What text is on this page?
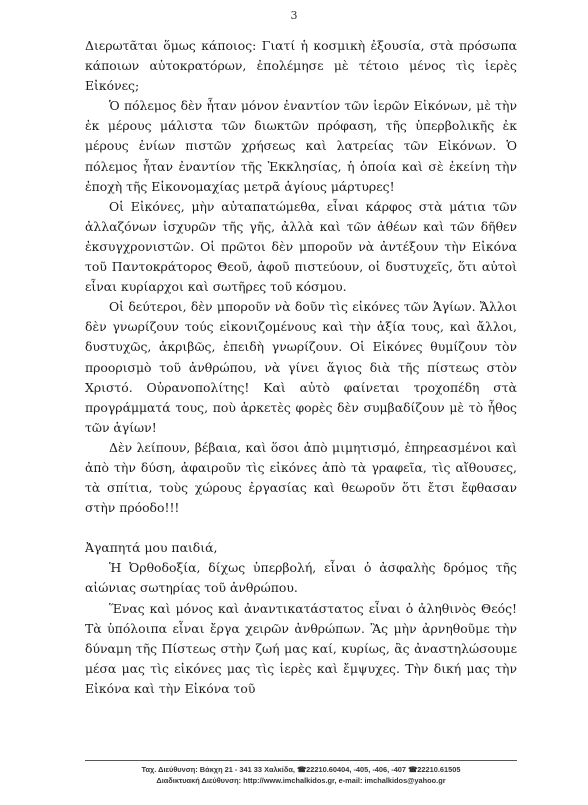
3

Διερωτᾶται ὅμως κάποιος: Γιατί ἡ κοσμικὴ ἐξουσία, στὰ πρόσωπα κάποιων αὐτοκρατόρων, ἐπολέμησε μὲ τέτοιο μένος τὶς ἱερὲς Εἰκόνες;

Ὁ πόλεμος δὲν ἦταν μόνον ἐναντίον τῶν ἱερῶν Εἰκόνων, μὲ τὴν ἐκ μέρους μάλιστα τῶν διωκτῶν πρόφαση, τῆς ὑπερβολικῆς ἐκ μέρους ἐνίων πιστῶν χρήσεως καὶ λατρείας τῶν Εἰκόνων. Ὁ πόλεμος ἦταν ἐναντίον τῆς Ἐκκλησίας, ἡ ὁποία καὶ σὲ ἐκείνη τὴν ἐποχὴ τῆς Εἰκονομαχίας μετρᾶ ἁγίους μάρτυρες!

Οἱ Εἰκόνες, μὴν αὐταπατώμεθα, εἶναι κάρφος στὰ μάτια τῶν ἀλλαζόνων ἰσχυρῶν τῆς γῆς, ἀλλὰ καὶ τῶν ἀθέων καὶ τῶν δῆθεν ἐκσυγχρονιστῶν. Οἱ πρῶτοι δὲν μποροῦν νὰ ἀντέξουν τὴν Εἰκόνα τοῦ Παντοκράτορος Θεοῦ, ἀφοῦ πιστεύουν, οἱ δυστυχεῖς, ὅτι αὐτοὶ εἶναι κυρίαρχοι καὶ σωτῆρες τοῦ κόσμου.

Οἱ δεύτεροι, δὲν μποροῦν νὰ δοῦν τὶς εἰκόνες τῶν Ἁγίων. Ἄλλοι δὲν γνωρίζουν τούς εἰκονιζομένους καὶ τὴν ἀξία τους, καὶ ἄλλοι, δυστυχῶς, ἀκριβῶς, ἐπειδὴ γνωρίζουν. Οἱ Εἰκόνες θυμίζουν τὸν προορισμὸ τοῦ ἀνθρώπου, νὰ γίνει ἅγιος διὰ τῆς πίστεως στὸν Χριστό. Οὐρανοπολίτης! Καὶ αὐτὸ φαίνεται τροχοπέδη στὰ προγράμματά τους, ποὺ ἀρκετὲς φορὲς δὲν συμβαδίζουν μὲ τὸ ἦθος τῶν ἁγίων!

Δὲν λείπουν, βέβαια, καὶ ὅσοι ἀπὸ μιμητισμό, ἐπηρεασμένοι καὶ ἀπὸ τὴν δύση, ἀφαιροῦν τὶς εἰκόνες ἀπὸ τὰ γραφεῖα, τὶς αἴθουσες, τὰ σπίτια, τοὺς χώρους ἐργασίας καὶ θεωροῦν ὅτι ἔτσι ἔφθασαν στὴν πρόοδο!!!

Ἀγαπητά μου παιδιά,

Ἡ Ὀρθοδοξία, δίχως ὑπερβολή, εἶναι ὁ ἀσφαλὴς δρόμος τῆς αἰώνιας σωτηρίας τοῦ ἀνθρώπου.

Ἕνας καὶ μόνος καὶ ἀναντικατάστατος εἶναι ὁ ἀληθινὸς Θεός! Τὰ ὑπόλοιπα εἶναι ἔργα χειρῶν ἀνθρώπων. Ἂς μὴν ἀρνηθοῦμε τὴν δύναμη τῆς Πίστεως στὴν ζωή μας καί, κυρίως, ἂς ἀναστηλώσουμε μέσα μας τὶς εἰκόνες μας τὶς ἱερὲς καὶ ἔμψυχες. Τὴν δική μας τὴν Εἰκόνα καὶ τὴν Εἰκόνα τοῦ

Ταχ. Διεύθυνση: Βάκχη 21 - 341 33 Χαλκίδα, ☎22210.60404, -405, -406, -407 ☎22210.61505
Διαδικτυακή Διεύθυνση: http://www.imchalkidos.gr, e-mail: imchalkidos@yahoo.gr
